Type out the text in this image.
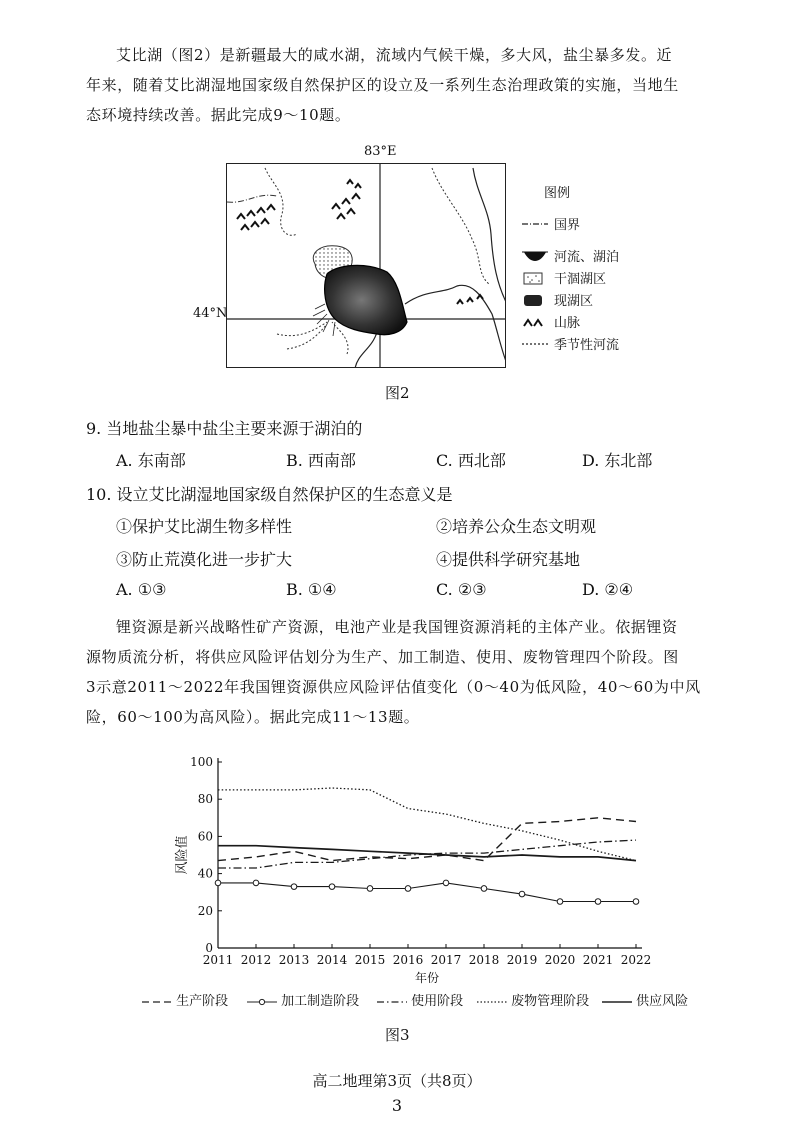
艾比湖（图2）是新疆最大的咸水湖，流域内气候干燥，多大风，盐尘暴多发。近
年来，随着艾比湖湿地国家级自然保护区的设立及一系列生态治理政策的实施，当地生
态环境持续改善。据此完成9～10题。
83°E
44°N
图例
国界
河流、湖泊
干涸湖区
现湖区
山脉
季节性河流
图2
9. 当地盐尘暴中盐尘主要来源于湖泊的
A. 东南部	B. 西南部	C. 西北部	D. 东北部
10. 设立艾比湖湿地国家级自然保护区的生态意义是
①保护艾比湖生物多样性	②培养公众生态文明观
③防止荒漠化进一步扩大	④提供科学研究基地
A. ①③	B. ①④	C. ②③	D. ②④
锂资源是新兴战略性矿产资源，电池产业是我国锂资源消耗的主体产业。依据锂资
源物质流分析，将供应风险评估划分为生产、加工制造、使用、废物管理四个阶段。图
3示意2011～2022年我国锂资源供应风险评估值变化（0～40为低风险，40～60为中风
险，60～100为高风险）。据此完成11～13题。
0
20
40
60
80
100
2011 2012 2013 2014 2015 2016 2017 2018 2019 2020 2021 2022
年份
风险值
生产阶段	加工制造阶段	使用阶段	废物管理阶段	供应风险
图3
高二地理第3页（共8页）
3
